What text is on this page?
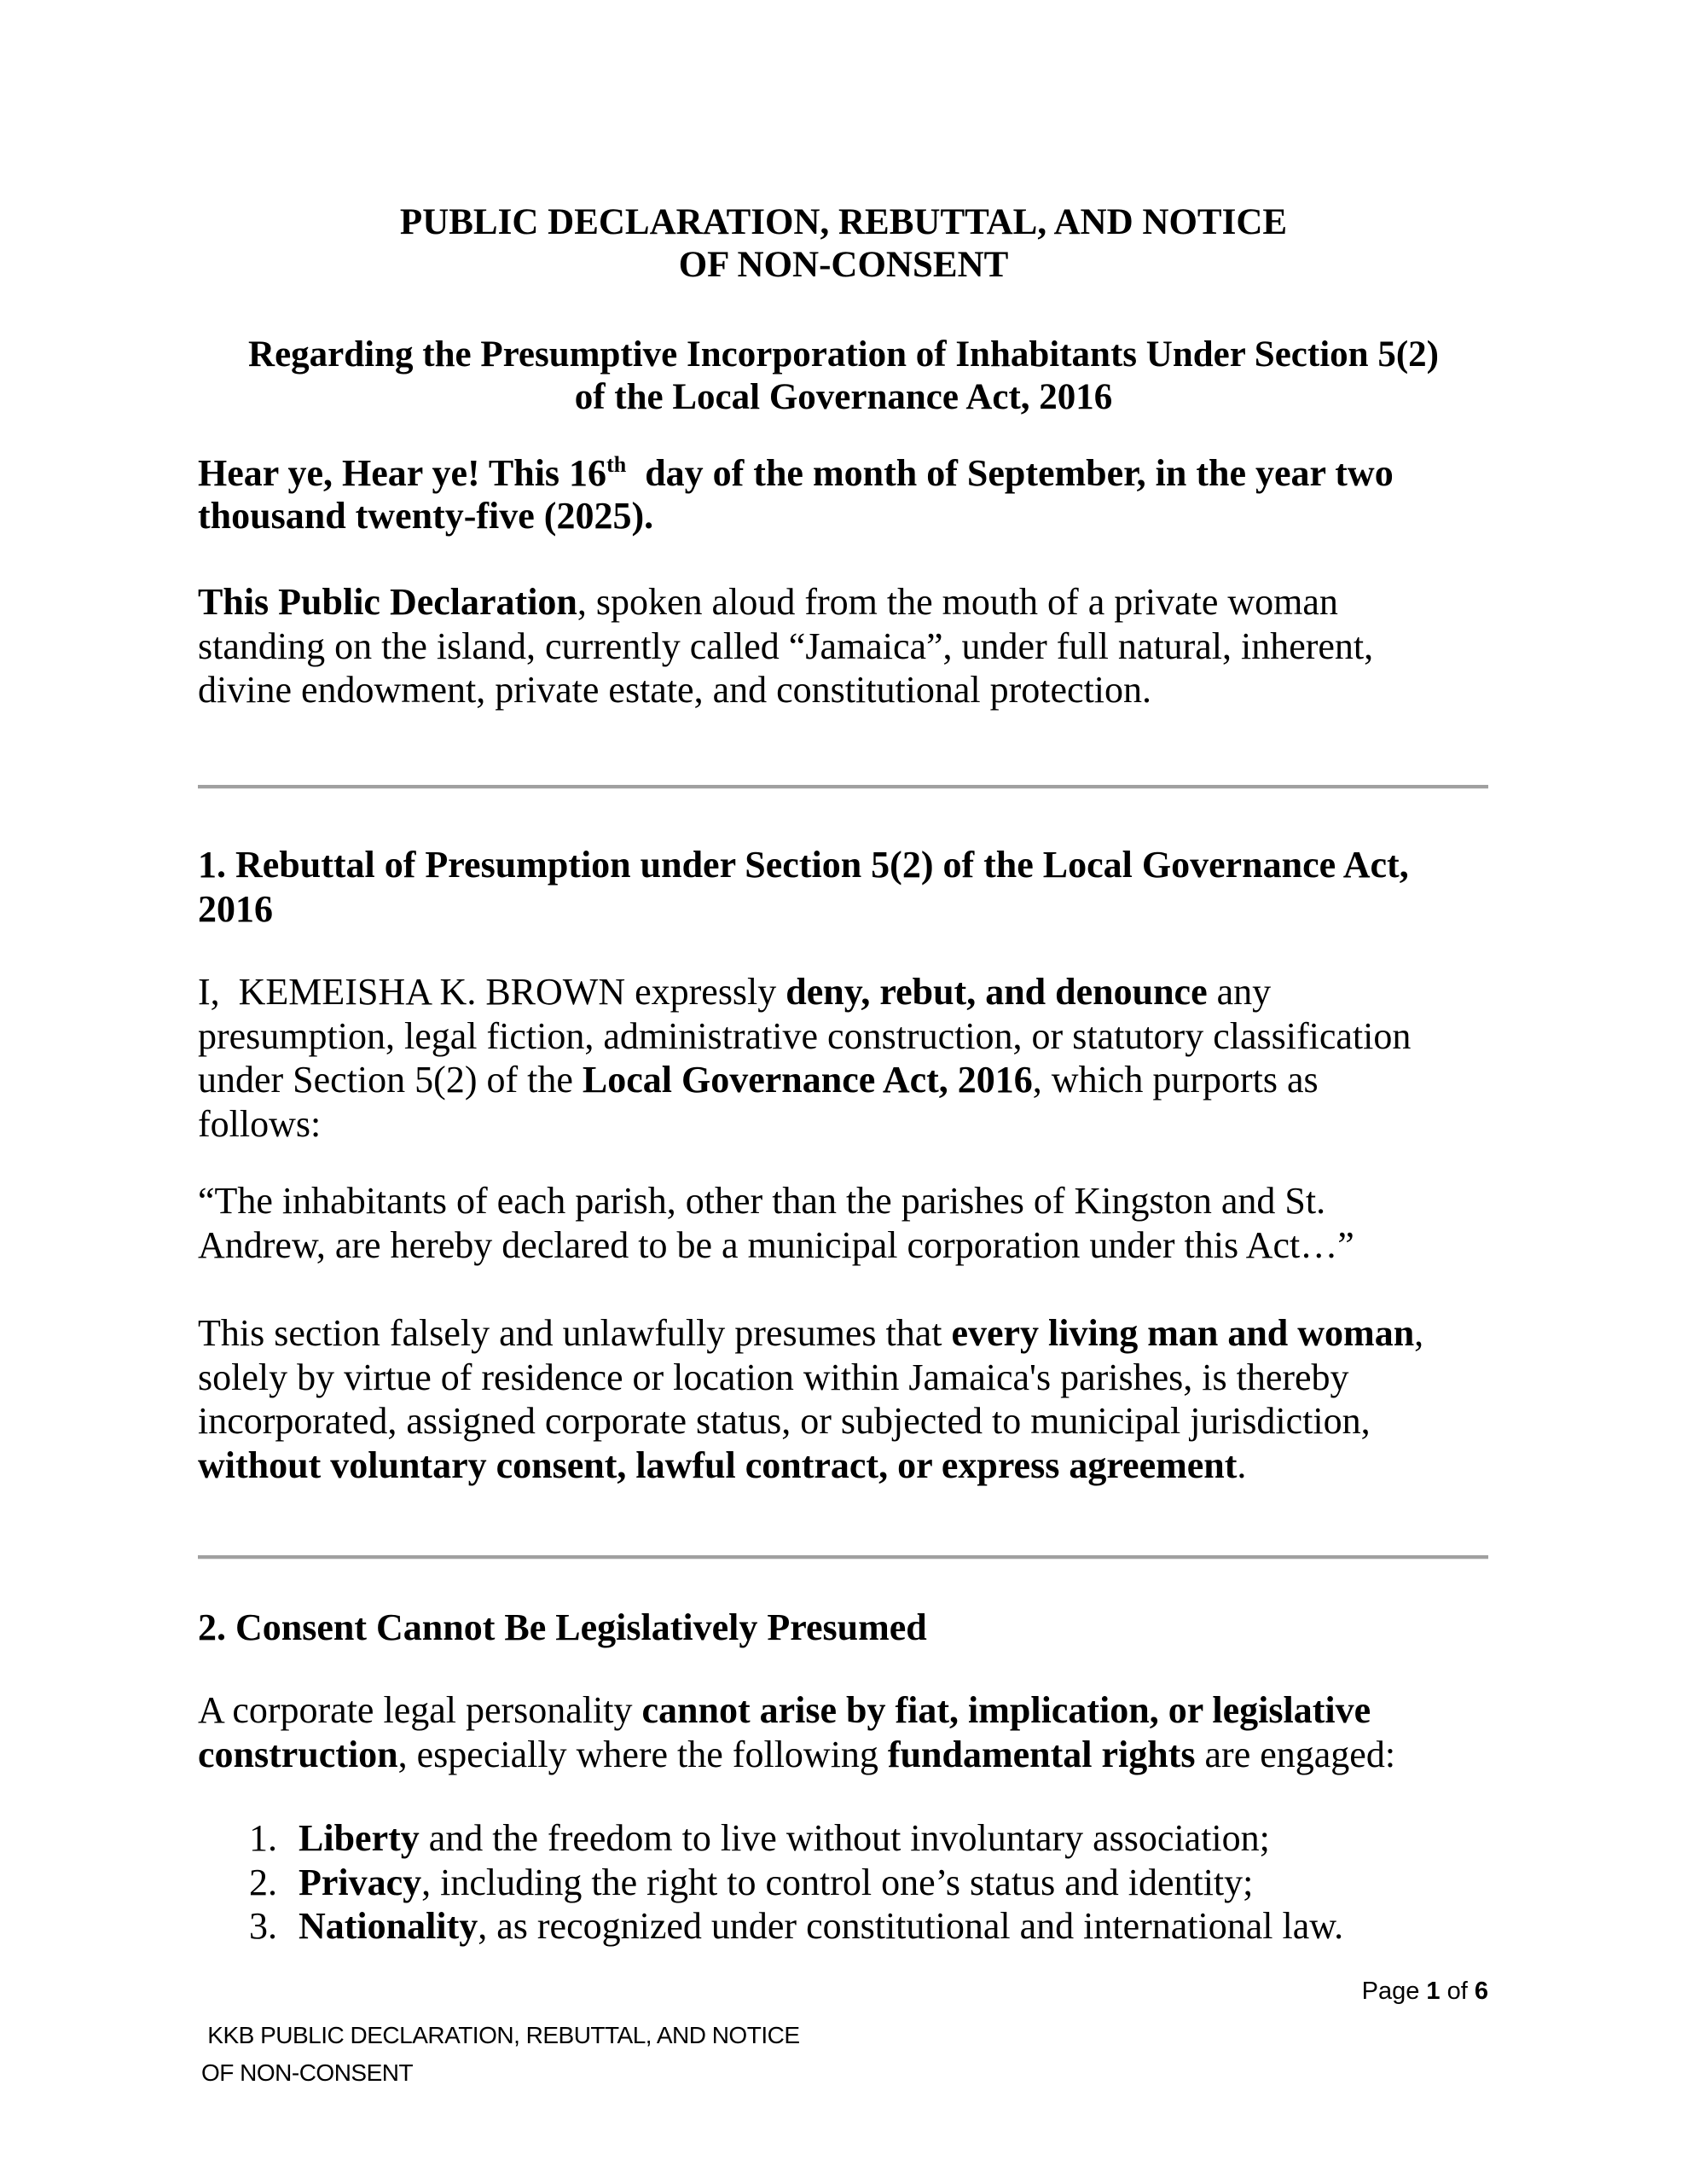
PUBLIC DECLARATION, REBUTTAL, AND NOTICE
OF NON-CONSENT
Regarding the Presumptive Incorporation of Inhabitants Under Section 5(2)
of the Local Governance Act, 2016
Hear ye, Hear ye! This 16th  day of the month of September, in the year two
thousand twenty-five (2025).
This Public Declaration, spoken aloud from the mouth of a private woman
standing on the island, currently called “Jamaica”, under full natural, inherent,
divine endowment, private estate, and constitutional protection.
1. Rebuttal of Presumption under Section 5(2) of the Local Governance Act,
2016
I,  KEMEISHA K. BROWN expressly deny, rebut, and denounce any
presumption, legal fiction, administrative construction, or statutory classification
under Section 5(2) of the Local Governance Act, 2016, which purports as
follows:
“The inhabitants of each parish, other than the parishes of Kingston and St.
Andrew, are hereby declared to be a municipal corporation under this Act…”
This section falsely and unlawfully presumes that every living man and woman,
solely by virtue of residence or location within Jamaica's parishes, is thereby
incorporated, assigned corporate status, or subjected to municipal jurisdiction,
without voluntary consent, lawful contract, or express agreement.
2. Consent Cannot Be Legislatively Presumed
A corporate legal personality cannot arise by fiat, implication, or legislative
construction, especially where the following fundamental rights are engaged:
1. Liberty and the freedom to live without involuntary association;
2. Privacy, including the right to control one’s status and identity;
3. Nationality, as recognized under constitutional and international law.
Page 1 of 6
KKB PUBLIC DECLARATION, REBUTTAL, AND NOTICE
OF NON-CONSENT
